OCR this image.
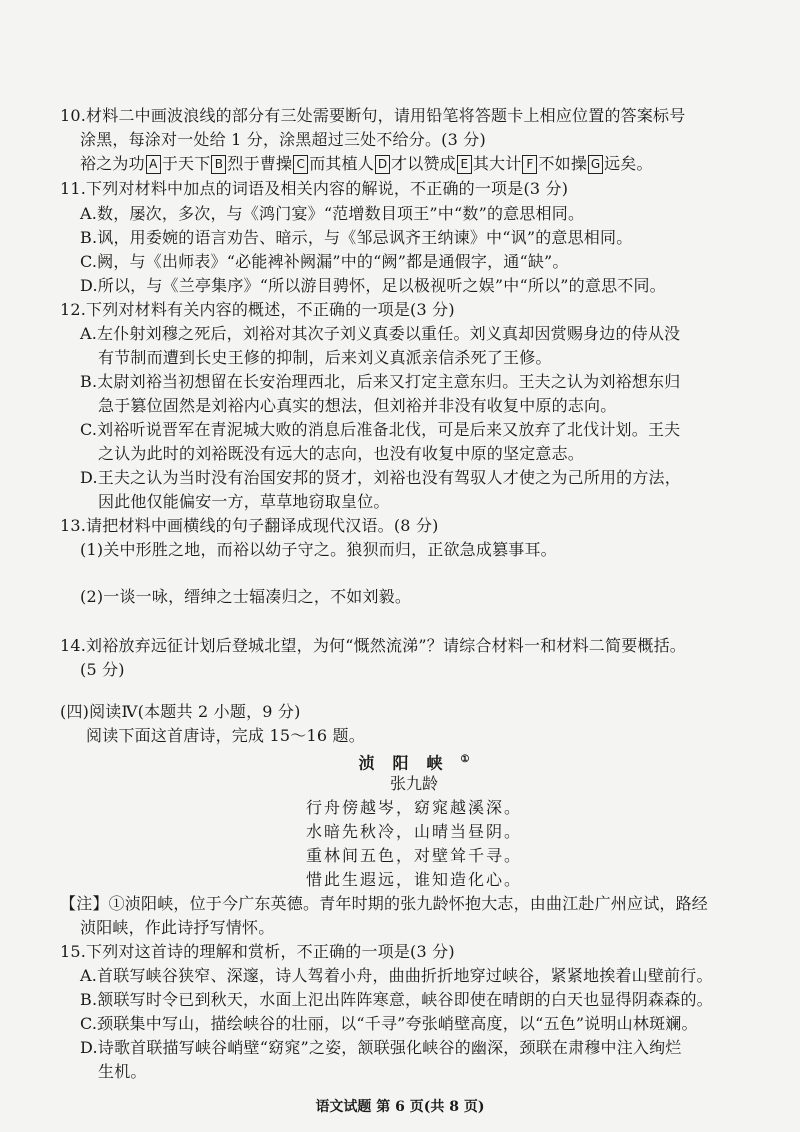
10.材料二中画波浪线的部分有三处需要断句，请用铅笔将答题卡上相应位置的答案标号
涂黑，每涂对一处给 1 分，涂黑超过三处不给分。(3 分)
裕之为功 A 于天下 B 烈于曹操 C 而其植人 D 才以赞成 E 其大计 F 不如操 G 远矣。
11.下列对材料中加点的词语及相关内容的解说，不正确的一项是(3 分)
A.数，屡次，多次，与《鸿门宴》“范增数目项王”中“数”的意思相同。
B.讽，用委婉的语言劝告、暗示，与《邹忌讽齐王纳谏》中“讽”的意思相同。
C.阙，与《出师表》“必能裨补阙漏”中的“阙”都是通假字，通“缺”。
D.所以，与《兰亭集序》“所以游目骋怀，足以极视听之娱”中“所以”的意思不同。
12.下列对材料有关内容的概述，不正确的一项是(3 分)
A.左仆射刘穆之死后，刘裕对其次子刘义真委以重任。刘义真却因赏赐身边的侍从没
有节制而遭到长史王修的抑制，后来刘义真派亲信杀死了王修。
B.太尉刘裕当初想留在长安治理西北，后来又打定主意东归。王夫之认为刘裕想东归
急于篡位固然是刘裕内心真实的想法，但刘裕并非没有收复中原的志向。
C.刘裕听说晋军在青泥城大败的消息后准备北伐，可是后来又放弃了北伐计划。王夫
之认为此时的刘裕既没有远大的志向，也没有收复中原的坚定意志。
D.王夫之认为当时没有治国安邦的贤才，刘裕也没有驾驭人才使之为己所用的方法，
因此他仅能偏安一方，草草地窃取皇位。
13.请把材料中画横线的句子翻译成现代汉语。(8 分)
(1)关中形胜之地，而裕以幼子守之。狼狈而归，正欲急成篡事耳。
(2)一谈一咏，缙绅之士辐凑归之，不如刘毅。
14.刘裕放弃远征计划后登城北望，为何“慨然流涕”？请综合材料一和材料二简要概括。
(5 分)
(四)阅读Ⅳ(本题共 2 小题，9 分)
阅读下面这首唐诗，完成 15～16 题。
浈阳峡①
张九龄
行舟傍越岑，窈窕越溪深。
水暗先秋冷，山晴当昼阴。
重林间五色，对壁耸千寻。
惜此生遐远，谁知造化心。
【注】①浈阳峡，位于今广东英德。青年时期的张九龄怀抱大志，由曲江赴广州应试，路经
浈阳峡，作此诗抒写情怀。
15.下列对这首诗的理解和赏析，不正确的一项是(3 分)
A.首联写峡谷狭窄、深邃，诗人驾着小舟，曲曲折折地穿过峡谷，紧紧地挨着山壁前行。
B.颔联写时令已到秋天，水面上氾出阵阵寒意，峡谷即使在晴朗的白天也显得阴森森的。
C.颈联集中写山，描绘峡谷的壮丽，以“千寻”夸张峭壁高度，以“五色”说明山林斑斓。
D.诗歌首联描写峡谷峭壁“窈窕”之姿，颔联强化峡谷的幽深，颈联在肃穆中注入绚烂
生机。
语文试题 第 6 页(共 8 页)
